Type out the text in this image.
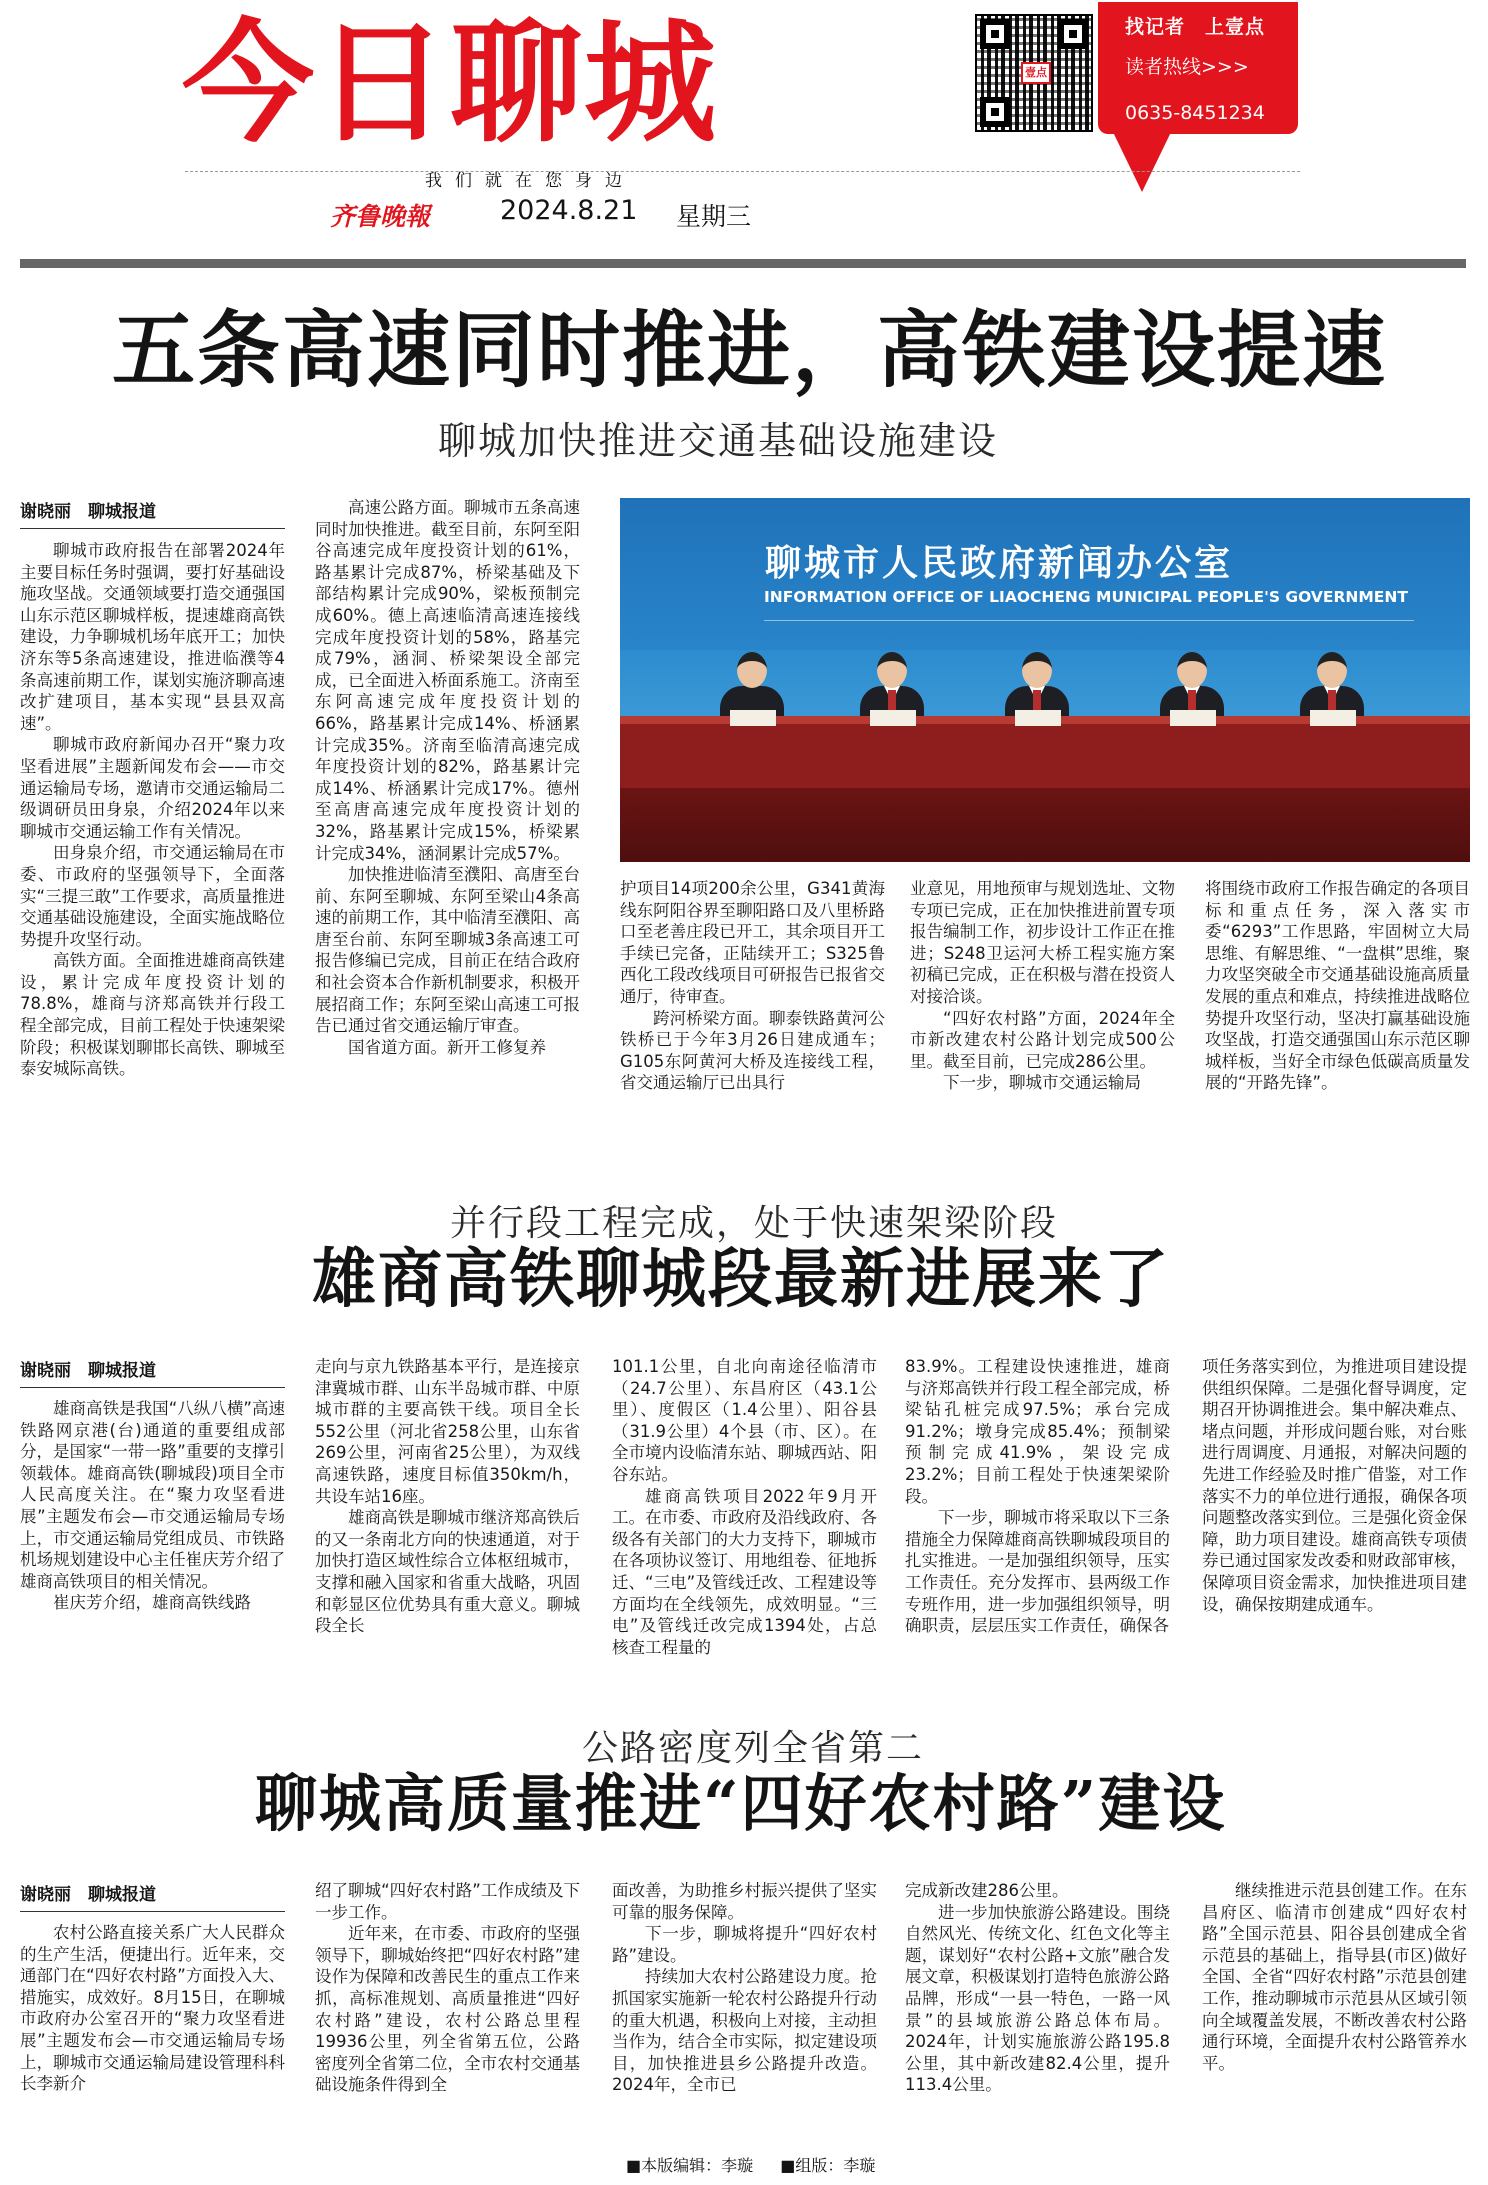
今日聊城	壹点
找记者　上壹点
读者热线>>>
0635-8451234
我们就在您身边
齐鲁晚報	2024.8.21 星期三
五条高速同时推进，高铁建设提速
聊城加快推进交通基础设施建设
谢晓丽　聊城报道

聊城市政府报告在部署2024年主要目标任务时强调，要打好基础设施攻坚战。交通领域要打造交通强国山东示范区聊城样板，提速雄商高铁建设，力争聊城机场年底开工；加快济东等5条高速建设，推进临濮等4条高速前期工作，谋划实施济聊高速改扩建项目，基本实现“县县双高速”。

聊城市政府新闻办召开“聚力攻坚看进展”主题新闻发布会——市交通运输局专场，邀请市交通运输局二级调研员田身泉，介绍2024年以来聊城市交通运输工作有关情况。

田身泉介绍，市交通运输局在市委、市政府的坚强领导下，全面落实“三提三敢”工作要求，高质量推进交通基础设施建设，全面实施战略位势提升攻坚行动。

高铁方面。全面推进雄商高铁建设，累计完成年度投资计划的78.8%，雄商与济郑高铁并行段工程全部完成，目前工程处于快速架梁阶段；积极谋划聊邯长高铁、聊城至泰安城际高铁。

高速公路方面。聊城市五条高速同时加快推进。截至目前，东阿至阳谷高速完成年度投资计划的61%，路基累计完成87%，桥梁基础及下部结构累计完成90%，梁板预制完成60%。德上高速临清高速连接线完成年度投资计划的58%，路基完成79%，涵洞、桥梁架设全部完成，已全面进入桥面系施工。济南至东阿高速完成年度投资计划的66%，路基累计完成14%、桥涵累计完成35%。济南至临清高速完成年度投资计划的82%，路基累计完成14%、桥涵累计完成17%。德州至高唐高速完成年度投资计划的32%，路基累计完成15%，桥梁累计完成34%，涵洞累计完成57%。

加快推进临清至濮阳、高唐至台前、东阿至聊城、东阿至梁山4条高速的前期工作，其中临清至濮阳、高唐至台前、东阿至聊城3条高速工可报告修编已完成，目前正在结合政府和社会资本合作新机制要求，积极开展招商工作；东阿至梁山高速工可报告已通过省交通运输厅审查。

国省道方面。新开工修复养

聊城市人民政府新闻办公室
INFORMATION OFFICE OF LIAOCHENG MUNICIPAL PEOPLE'S GOVERNMENT

护项目14项200余公里，G341黄海线东阿阳谷界至聊阳路口及八里桥路口至老善庄段已开工，其余项目开工手续已完备，正陆续开工；S325鲁西化工段改线项目可研报告已报省交通厅，待审查。

跨河桥梁方面。聊泰铁路黄河公铁桥已于今年3月26日建成通车；G105东阿黄河大桥及连接线工程，省交通运输厅已出具行

业意见，用地预审与规划选址、文物专项已完成，正在加快推进前置专项报告编制工作，初步设计工作正在推进；S248卫运河大桥工程实施方案初稿已完成，正在积极与潜在投资人对接洽谈。

“四好农村路”方面，2024年全市新改建农村公路计划完成500公里。截至目前，已完成286公里。

下一步，聊城市交通运输局

将围绕市政府工作报告确定的各项目标和重点任务，深入落实市委“6293”工作思路，牢固树立大局思维、有解思维、“一盘棋”思维，聚力攻坚突破全市交通基础设施高质量发展的重点和难点，持续推进战略位势提升攻坚行动，坚决打赢基础设施攻坚战，打造交通强国山东示范区聊城样板，当好全市绿色低碳高质量发展的“开路先锋”。

并行段工程完成，处于快速架梁阶段
雄商高铁聊城段最新进展来了
谢晓丽　聊城报道

雄商高铁是我国“八纵八横”高速铁路网京港(台)通道的重要组成部分，是国家“一带一路”重要的支撑引领载体。雄商高铁(聊城段)项目全市人民高度关注。在“聚力攻坚看进展”主题发布会—市交通运输局专场上，市交通运输局党组成员、市铁路机场规划建设中心主任崔庆芳介绍了雄商高铁项目的相关情况。

崔庆芳介绍，雄商高铁线路

走向与京九铁路基本平行，是连接京津冀城市群、山东半岛城市群、中原城市群的主要高铁干线。项目全长552公里（河北省258公里，山东省269公里，河南省25公里），为双线高速铁路，速度目标值350km/h，共设车站16座。

雄商高铁是聊城市继济郑高铁后的又一条南北方向的快速通道，对于加快打造区域性综合立体枢纽城市，支撑和融入国家和省重大战略，巩固和彰显区位优势具有重大意义。聊城段全长

101.1公里，自北向南途径临清市（24.7公里）、东昌府区（43.1公里）、度假区（1.4公里）、阳谷县（31.9公里）4个县（市、区）。在全市境内设临清东站、聊城西站、阳谷东站。

雄商高铁项目2022年9月开工。在市委、市政府及沿线政府、各级各有关部门的大力支持下，聊城市在各项协议签订、用地组卷、征地拆迁、“三电”及管线迁改、工程建设等方面均在全线领先，成效明显。“三电”及管线迁改完成1394处，占总核查工程量的

83.9%。工程建设快速推进，雄商与济郑高铁并行段工程全部完成，桥梁钻孔桩完成97.5%；承台完成91.2%；墩身完成85.4%；预制梁预制完成41.9%，架设完成23.2%；目前工程处于快速架梁阶段。

下一步，聊城市将采取以下三条措施全力保障雄商高铁聊城段项目的扎实推进。一是加强组织领导，压实工作责任。充分发挥市、县两级工作专班作用，进一步加强组织领导，明确职责，层层压实工作责任，确保各

项任务落实到位，为推进项目建设提供组织保障。二是强化督导调度，定期召开协调推进会。集中解决难点、堵点问题，并形成问题台账，对台账进行周调度、月通报，对解决问题的先进工作经验及时推广借鉴，对工作落实不力的单位进行通报，确保各项问题整改落实到位。三是强化资金保障，助力项目建设。雄商高铁专项债券已通过国家发改委和财政部审核，保障项目资金需求，加快推进项目建设，确保按期建成通车。

公路密度列全省第二
聊城高质量推进“四好农村路”建设
谢晓丽　聊城报道

农村公路直接关系广大人民群众的生产生活，便捷出行。近年来，交通部门在“四好农村路”方面投入大、措施实，成效好。8月15日，在聊城市政府办公室召开的“聚力攻坚看进展”主题发布会—市交通运输局专场上，聊城市交通运输局建设管理科科长李新介

绍了聊城“四好农村路”工作成绩及下一步工作。

近年来，在市委、市政府的坚强领导下，聊城始终把“四好农村路”建设作为保障和改善民生的重点工作来抓，高标准规划、高质量推进“四好农村路”建设，农村公路总里程19936公里，列全省第五位，公路密度列全省第二位，全市农村交通基础设施条件得到全

面改善，为助推乡村振兴提供了坚实可靠的服务保障。

下一步，聊城将提升“四好农村路”建设。

持续加大农村公路建设力度。抢抓国家实施新一轮农村公路提升行动的重大机遇，积极向上对接，主动担当作为，结合全市实际，拟定建设项目，加快推进县乡公路提升改造。2024年，全市已

完成新改建286公里。

进一步加快旅游公路建设。围绕自然风光、传统文化、红色文化等主题，谋划好“农村公路+文旅”融合发展文章，积极谋划打造特色旅游公路品牌，形成“一县一特色，一路一风景”的县域旅游公路总体布局。2024年，计划实施旅游公路195.8公里，其中新改建82.4公里，提升113.4公里。

继续推进示范县创建工作。在东昌府区、临清市创建成“四好农村路”全国示范县、阳谷县创建成全省示范县的基础上，指导县(市区)做好全国、全省“四好农村路”示范县创建工作，推动聊城市示范县从区域引领向全域覆盖发展，不断改善农村公路通行环境，全面提升农村公路管养水平。

■本版编辑：李璇 ■组版：李璇
